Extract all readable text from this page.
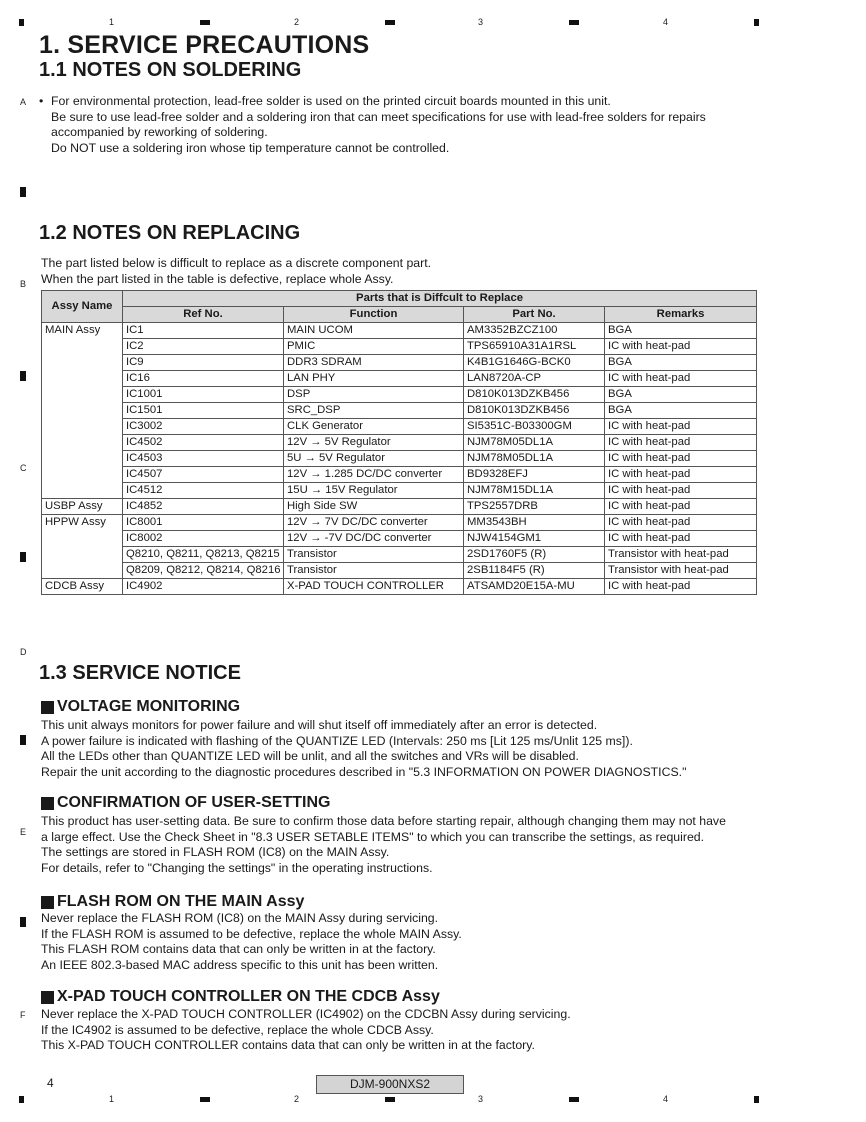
1	2	3	4
1	2	3	4
A
B
C
D
E
F
1. SERVICE PRECAUTIONS
1.1 NOTES ON SOLDERING
• For environmental protection, lead-free solder is used on the printed circuit boards mounted in this unit.

Be sure to use lead-free solder and a soldering iron that can meet specifications for use with lead-free solders for repairs

accompanied by reworking of soldering.

Do NOT use a soldering iron whose tip temperature cannot be controlled.

1.2 NOTES ON REPLACING

The part listed below is difficult to replace as a discrete component part.

When the part listed in the table is defective, replace whole Assy.

Assy Name	Parts that is Diffcult to Replace			
	Ref No.	Function	Part No.	Remarks
MAIN Assy	IC1	MAIN UCOM	AM3352BZCZ100	BGA
	IC2	PMIC	TPS65910A31A1RSL	IC with heat-pad
	IC9	DDR3 SDRAM	K4B1G1646G-BCK0	BGA
	IC16	LAN PHY	LAN8720A-CP	IC with heat-pad
	IC1001	DSP	D810K013DZKB456	BGA
	IC1501	SRC_DSP	D810K013DZKB456	BGA
	IC3002	CLK Generator	SI5351C-B03300GM	IC with heat-pad
	IC4502	12V → 5V Regulator	NJM78M05DL1A	IC with heat-pad
	IC4503	5U → 5V Regulator	NJM78M05DL1A	IC with heat-pad
	IC4507	12V → 1.285 DC/DC converter	BD9328EFJ	IC with heat-pad
	IC4512	15U → 15V Regulator	NJM78M15DL1A	IC with heat-pad
USBP Assy	IC4852	High Side SW	TPS2557DRB	IC with heat-pad
HPPW Assy	IC8001	12V → 7V DC/DC converter	MM3543BH	IC with heat-pad
	IC8002	12V → -7V DC/DC converter	NJW4154GM1	IC with heat-pad
	Q8210, Q8211, Q8213, Q8215	Transistor	2SD1760F5 (R)	Transistor with heat-pad
	Q8209, Q8212, Q8214, Q8216	Transistor	2SB1184F5 (R)	Transistor with heat-pad
CDCB Assy	IC4902	X-PAD TOUCH CONTROLLER	ATSAMD20E15A-MU	IC with heat-pad
1.3 SERVICE NOTICE
VOLTAGE MONITORING

This unit always monitors for power failure and will shut itself off immediately after an error is detected.

A power failure is indicated with flashing of the QUANTIZE LED (Intervals: 250 ms [Lit 125 ms/Unlit 125 ms]).

All the LEDs other than QUANTIZE LED will be unlit, and all the switches and VRs will be disabled.

Repair the unit according to the diagnostic procedures described in "5.3 INFORMATION ON POWER DIAGNOSTICS."

CONFIRMATION OF USER-SETTING

This product has user-setting data. Be sure to confirm those data before starting repair, although changing them may not have

a large effect. Use the Check Sheet in "8.3 USER SETABLE ITEMS" to which you can transcribe the settings, as required.

The settings are stored in FLASH ROM (IC8) on the MAIN Assy.

For details, refer to "Changing the settings" in the operating instructions.

FLASH ROM ON THE MAIN Assy

Never replace the FLASH ROM (IC8) on the MAIN Assy during servicing.

If the FLASH ROM is assumed to be defective, replace the whole MAIN Assy.

This FLASH ROM contains data that can only be written in at the factory.

An IEEE 802.3-based MAC address specific to this unit has been written.

X-PAD TOUCH CONTROLLER ON THE CDCB Assy

Never replace the X-PAD TOUCH CONTROLLER (IC4902) on the CDCBN Assy during servicing.

If the IC4902 is assumed to be defective, replace the whole CDCB Assy.

This X-PAD TOUCH CONTROLLER contains data that can only be written in at the factory.

4	DJM-900NXS2
